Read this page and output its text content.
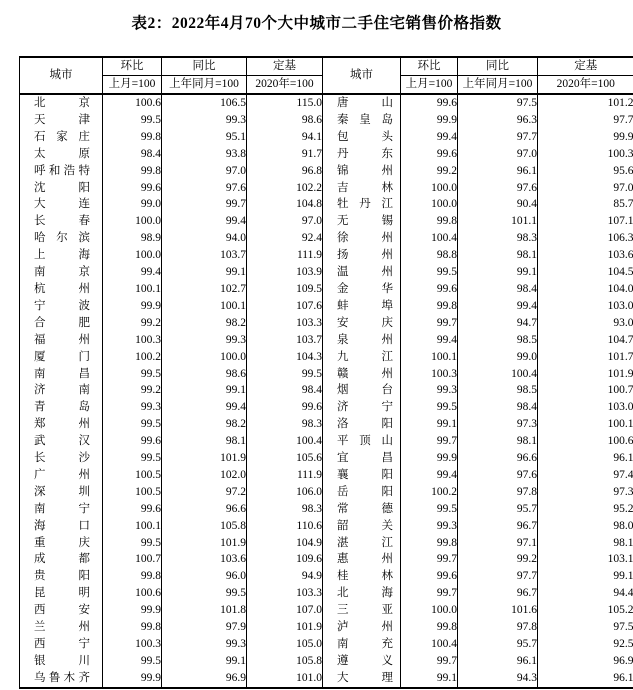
表2：2022年4月70个大中城市二手住宅销售价格指数
城市	环比	同比	定基	城市	环比	同比	定基
	上月=100	上年同月=100	2020年=100		上月=100	上年同月=100	2020年=100
北京	100.6	106.5	115.0	唐山	99.6	97.5	101.2
天津	99.5	99.3	98.6	秦皇岛	99.9	96.3	97.7
石家庄	99.8	95.1	94.1	包头	99.4	97.7	99.9
太原	98.4	93.8	91.7	丹东	99.6	97.0	100.3
呼和浩特	99.8	97.0	96.8	锦州	99.2	96.1	95.6
沈阳	99.6	97.6	102.2	吉林	100.0	97.6	97.0
大连	99.0	99.7	104.8	牡丹江	100.0	90.4	85.7
长春	100.0	99.4	97.0	无锡	99.8	101.1	107.1
哈尔滨	98.9	94.0	92.4	徐州	100.4	98.3	106.3
上海	100.0	103.7	111.9	扬州	98.8	98.1	103.6
南京	99.4	99.1	103.9	温州	99.5	99.1	104.5
杭州	100.1	102.7	109.5	金华	99.6	98.4	104.0
宁波	99.9	100.1	107.6	蚌埠	99.8	99.4	103.0
合肥	99.2	98.2	103.3	安庆	99.7	94.7	93.0
福州	100.3	99.3	103.7	泉州	99.4	98.5	104.7
厦门	100.2	100.0	104.3	九江	100.1	99.0	101.7
南昌	99.5	98.6	99.5	赣州	100.3	100.4	101.9
济南	99.2	99.1	98.4	烟台	99.3	98.5	100.7
青岛	99.3	99.4	99.6	济宁	99.5	98.4	103.0
郑州	99.5	98.2	98.3	洛阳	99.1	97.3	100.1
武汉	99.6	98.1	100.4	平顶山	99.7	98.1	100.6
长沙	99.5	101.9	105.6	宜昌	99.9	96.6	96.1
广州	100.5	102.0	111.9	襄阳	99.4	97.6	97.4
深圳	100.5	97.2	106.0	岳阳	100.2	97.8	97.3
南宁	99.6	96.6	98.3	常德	99.5	95.7	95.2
海口	100.1	105.8	110.6	韶关	99.3	96.7	98.0
重庆	99.5	101.9	104.9	湛江	99.8	97.1	98.1
成都	100.7	103.6	109.6	惠州	99.7	99.2	103.1
贵阳	99.8	96.0	94.9	桂林	99.6	97.7	99.1
昆明	100.6	99.5	103.3	北海	99.7	96.7	94.4
西安	99.9	101.8	107.0	三亚	100.0	101.6	105.2
兰州	99.8	97.9	101.9	泸州	99.8	97.8	97.5
西宁	100.3	99.3	105.0	南充	100.4	95.7	92.5
银川	99.5	99.1	105.8	遵义	99.7	96.1	96.9
乌鲁木齐	99.9	96.9	101.0	大理	99.1	94.3	96.1
